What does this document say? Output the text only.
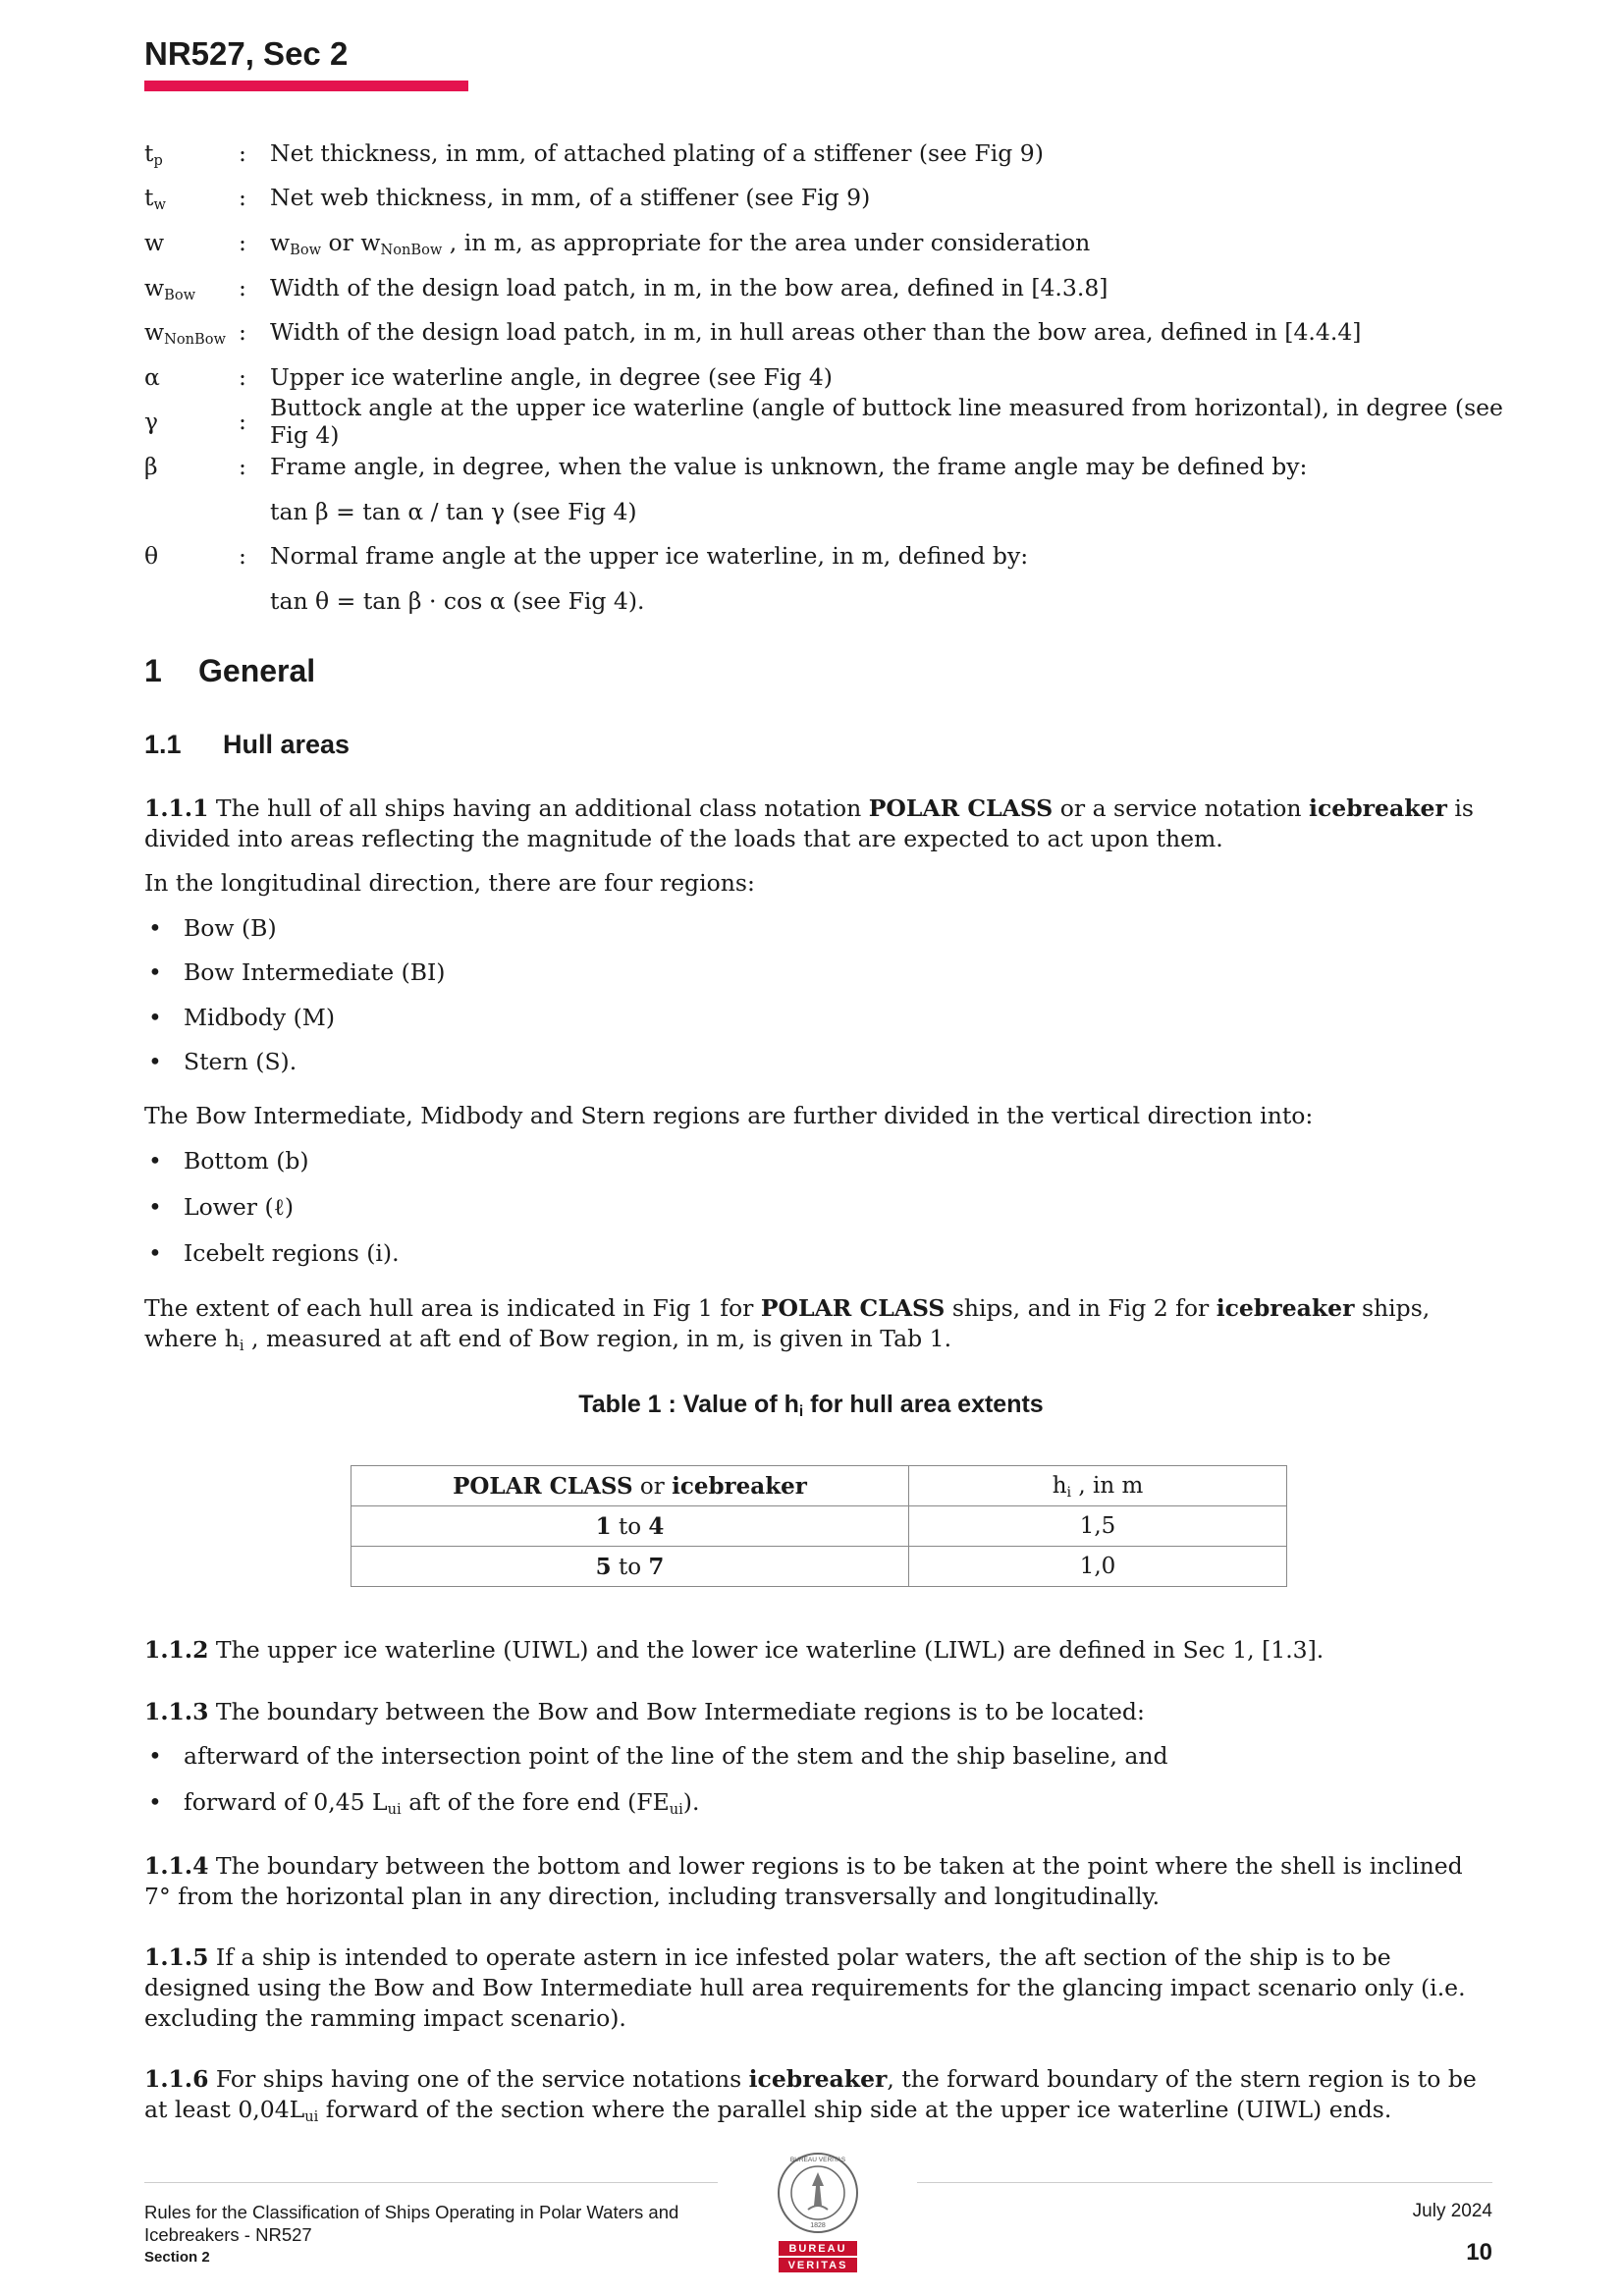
NR527, Sec 2
$t_p$	:	Net thickness, in mm, of attached plating of a stiffener (see Fig 9)
$t_w$	:	Net web thickness, in mm, of a stiffener (see Fig 9)
w	:	$w_{Bow}$ or $w_{NonBow}$ , in m, as appropriate for the area under consideration
$w_{Bow}$	:	Width of the design load patch, in m, in the bow area, defined in [4.3.8]
$w_{NonBow}$ :	Width of the design load patch, in m, in hull areas other than the bow area, defined in [4.4.4]
α	:	Upper ice waterline angle, in degree (see Fig 4)
γ	:	Buttock angle at the upper ice waterline (angle of buttock line measured from horizontal), in degree (see Fig 4)
β	:	Frame angle, in degree, when the value is unknown, the frame angle may be defined by:
tan β = tan α / tan γ (see Fig 4)
θ	:	Normal frame angle at the upper ice waterline, in m, defined by:
tan θ = tan β · cos α (see Fig 4).
1 General
1.1 Hull areas
1.1.1 The hull of all ships having an additional class notation POLAR CLASS or a service notation icebreaker is divided into areas reflecting the magnitude of the loads that are expected to act upon them.
In the longitudinal direction, there are four regions:
• Bow (B)
• Bow Intermediate (BI)
• Midbody (M)
• Stern (S).
The Bow Intermediate, Midbody and Stern regions are further divided in the vertical direction into:
• Bottom (b)
• Lower (ℓ)
• Icebelt regions (i).
The extent of each hull area is indicated in Fig 1 for POLAR CLASS ships, and in Fig 2 for icebreaker ships, where $h_i$ , measured at aft end of Bow region, in m, is given in Tab 1.
Table 1 : Value of $h_i$ for hull area extents
POLAR CLASS or icebreaker	$h_i$ , in m
1 to 4	1,5
5 to 7	1,0
1.1.2 The upper ice waterline (UIWL) and the lower ice waterline (LIWL) are defined in Sec 1, [1.3].
1.1.3 The boundary between the Bow and Bow Intermediate regions is to be located:
• afterward of the intersection point of the line of the stem and the ship baseline, and
• forward of 0,45 $L_{ui}$ aft of the fore end $(FE_{ui})$.
1.1.4 The boundary between the bottom and lower regions is to be taken at the point where the shell is inclined 7° from the horizontal plan in any direction, including transversally and longitudinally.
1.1.5 If a ship is intended to operate astern in ice infested polar waters, the aft section of the ship is to be designed using the Bow and Bow Intermediate hull area requirements for the glancing impact scenario only (i.e. excluding the ramming impact scenario).
1.1.6 For ships having one of the service notations icebreaker, the forward boundary of the stern region is to be at least $0,04L_{ui}$ forward of the section where the parallel ship side at the upper ice waterline (UIWL) ends.
Rules for the Classification of Ships Operating in Polar Waters and
Icebreakers - NR527
Section 2
July 2024
10
BUREAU VERITAS
1828
BUREAU
VERITAS
